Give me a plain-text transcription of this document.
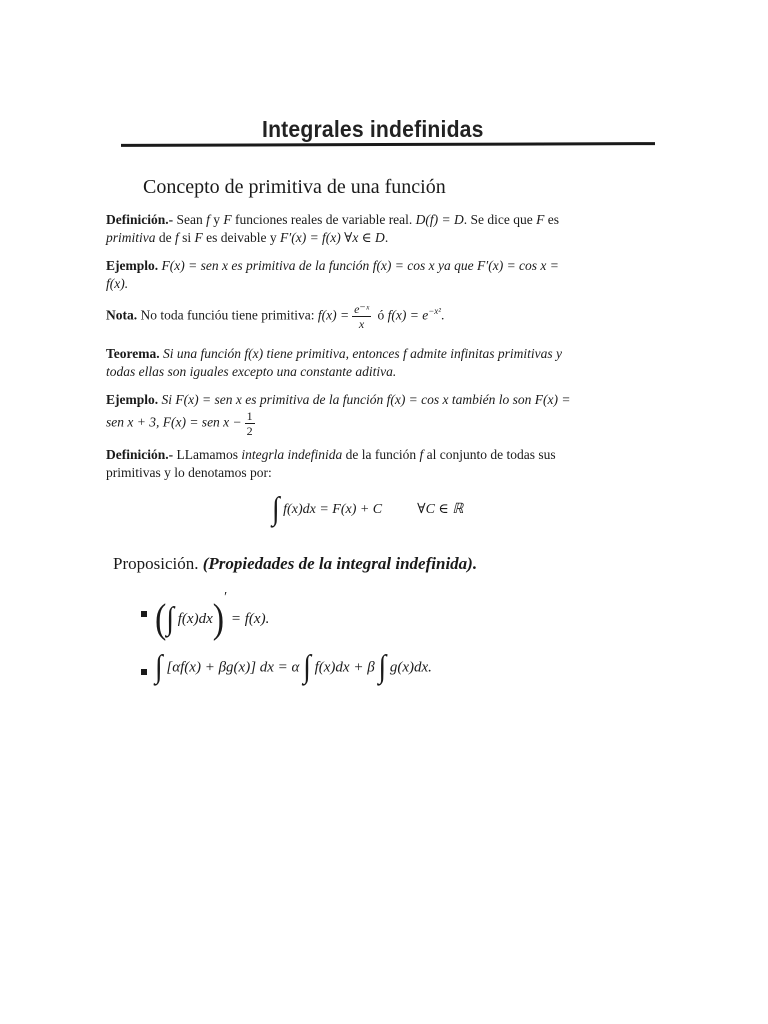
Integrales indefinidas
Concepto de primitiva de una función
Definición.- Sean f y F funciones reales de variable real. D(f) = D. Se dice que F es
primitiva de f si F es deivable y F′(x) = f(x) ∀x ∈ D.
Ejemplo. F(x) = sen x es primitiva de la función f(x) = cos x ya que F′(x) = cos x =
f(x).
Nota. No toda funcióu tiene primitiva: $f(x) = \frac{\text{e⁻ˣ}}{x}$ ó $f(x) = e^{-x^2}$.
Teorema. Si una función f(x) tiene primitiva, entonces f admite infinitas primitivas y
todas ellas son iguales excepto una constante aditiva.
Ejemplo. Si F(x) = sen x es primitiva de la función f(x) = cos x también lo son F(x) =
sen x + 3, F(x) = sen $x - \frac{1}{2}$
Definición.- LLamamos integrla indefinida de la función f al conjunto de todas sus
primitivas y lo denotamos por:
∫ f(x)dx = F(x) + C	∀C ∈ ℝ
Proposición. (Propiedades de la integral indefinida).
(∫ f(x)dx)′ = f(x).
∫ [αf(x) + βg(x)] dx = α ∫ f(x)dx + β ∫ g(x)dx.
